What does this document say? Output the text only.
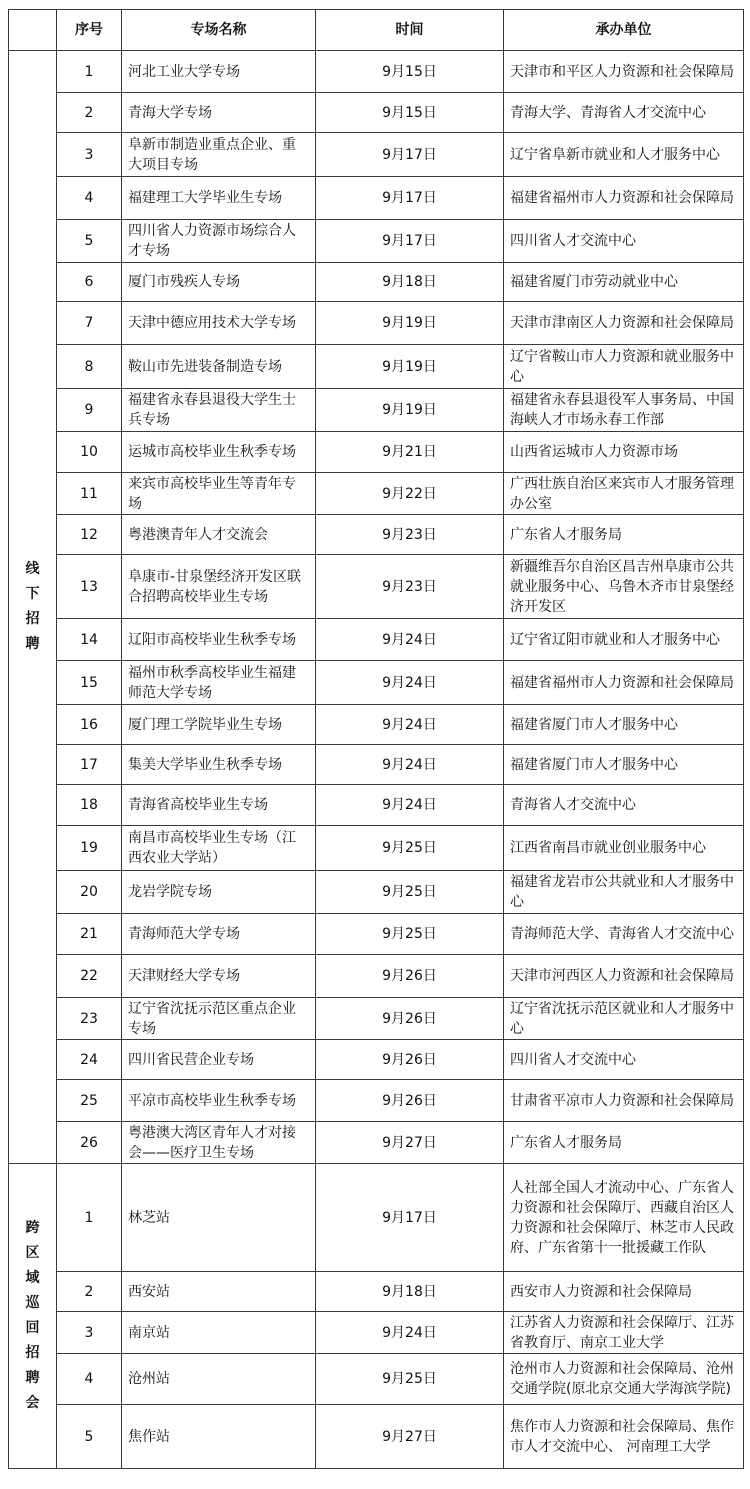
	序号	专场名称	时间	承办单位
线下招聘	1	河北工业大学专场	9月15日	天津市和平区人力资源和社会保障局
	2	青海大学专场	9月15日	青海大学、青海省人才交流中心
	3	阜新市制造业重点企业、重大项目专场	9月17日	辽宁省阜新市就业和人才服务中心
	4	福建理工大学毕业生专场	9月17日	福建省福州市人力资源和社会保障局
	5	四川省人力资源市场综合人才专场	9月17日	四川省人才交流中心
	6	厦门市残疾人专场	9月18日	福建省厦门市劳动就业中心
	7	天津中德应用技术大学专场	9月19日	天津市津南区人力资源和社会保障局
	8	鞍山市先进装备制造专场	9月19日	辽宁省鞍山市人力资源和就业服务中心
	9	福建省永春县退役大学生士兵专场	9月19日	福建省永春县退役军人事务局、中国海峡人才市场永春工作部
	10	运城市高校毕业生秋季专场	9月21日	山西省运城市人力资源市场
	11	来宾市高校毕业生等青年专场	9月22日	广西壮族自治区来宾市人才服务管理办公室
	12	粤港澳青年人才交流会	9月23日	广东省人才服务局
	13	阜康市-甘泉堡经济开发区联合招聘高校毕业生专场	9月23日	新疆维吾尔自治区昌吉州阜康市公共就业服务中心、乌鲁木齐市甘泉堡经济开发区
	14	辽阳市高校毕业生秋季专场	9月24日	辽宁省辽阳市就业和人才服务中心
	15	福州市秋季高校毕业生福建师范大学专场	9月24日	福建省福州市人力资源和社会保障局
	16	厦门理工学院毕业生专场	9月24日	福建省厦门市人才服务中心
	17	集美大学毕业生秋季专场	9月24日	福建省厦门市人才服务中心
	18	青海省高校毕业生专场	9月24日	青海省人才交流中心
	19	南昌市高校毕业生专场（江西农业大学站）	9月25日	江西省南昌市就业创业服务中心
	20	龙岩学院专场	9月25日	福建省龙岩市公共就业和人才服务中心
	21	青海师范大学专场	9月25日	青海师范大学、青海省人才交流中心
	22	天津财经大学专场	9月26日	天津市河西区人力资源和社会保障局
	23	辽宁省沈抚示范区重点企业专场	9月26日	辽宁省沈抚示范区就业和人才服务中心
	24	四川省民营企业专场	9月26日	四川省人才交流中心
	25	平凉市高校毕业生秋季专场	9月26日	甘肃省平凉市人力资源和社会保障局
	26	粤港澳大湾区青年人才对接会——医疗卫生专场	9月27日	广东省人才服务局
跨区域巡回招聘会	1	林芝站	9月17日	人社部全国人才流动中心、广东省人力资源和社会保障厅、西藏自治区人力资源和社会保障厅、林芝市人民政府、广东省第十一批援藏工作队
	2	西安站	9月18日	西安市人力资源和社会保障局
	3	南京站	9月24日	江苏省人力资源和社会保障厅、江苏省教育厅、南京工业大学
	4	沧州站	9月25日	沧州市人力资源和社会保障局、沧州交通学院(原北京交通大学海滨学院)
	5	焦作站	9月27日	焦作市人力资源和社会保障局、焦作市人才交流中心、 河南理工大学
